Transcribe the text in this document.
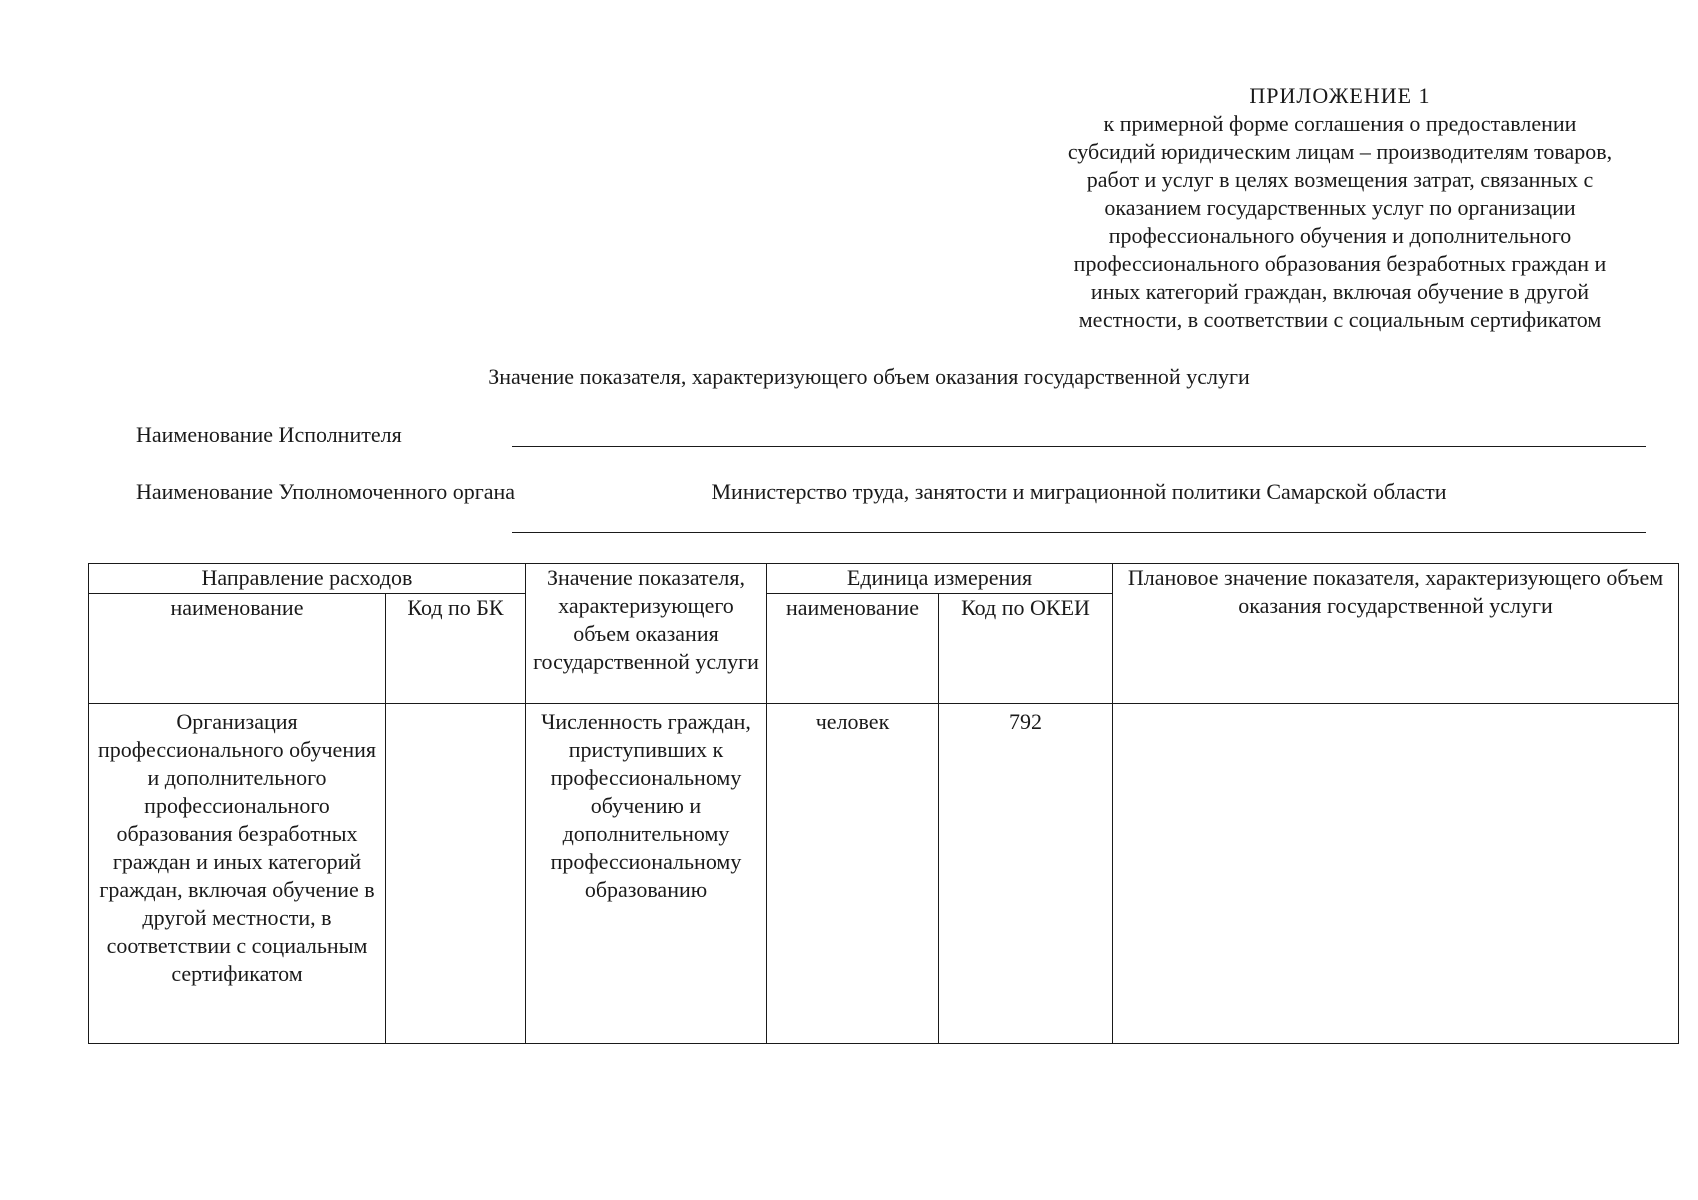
ПРИЛОЖЕНИЕ 1
к примерной форме соглашения о предоставлении
субсидий юридическим лицам – производителям товаров,
работ и услуг в целях возмещения затрат, связанных с
оказанием государственных услуг по организации
профессионального обучения и дополнительного
профессионального образования безработных граждан и
иных категорий граждан, включая обучение в другой
местности, в соответствии с социальным сертификатом
Значение показателя, характеризующего объем оказания государственной услуги
Наименование Исполнителя
Наименование Уполномоченного органа	Министерство труда, занятости и миграционной политики Самарской области
Направление расходов		Значение показателя, характеризующего объем оказания государственной услуги	Единица измерения		Плановое значение показателя, характеризующего объем оказания государственной услуги
наименование	Код по БК		наименование	Код по ОКЕИ	
Организация профессионального обучения и дополнительного профессионального образования безработных граждан и иных категорий граждан, включая обучение в другой местности, в соответствии с социальным сертификатом		Численность граждан, приступивших к профессиональному обучению и дополнительному профессиональному образованию	человек	792	
